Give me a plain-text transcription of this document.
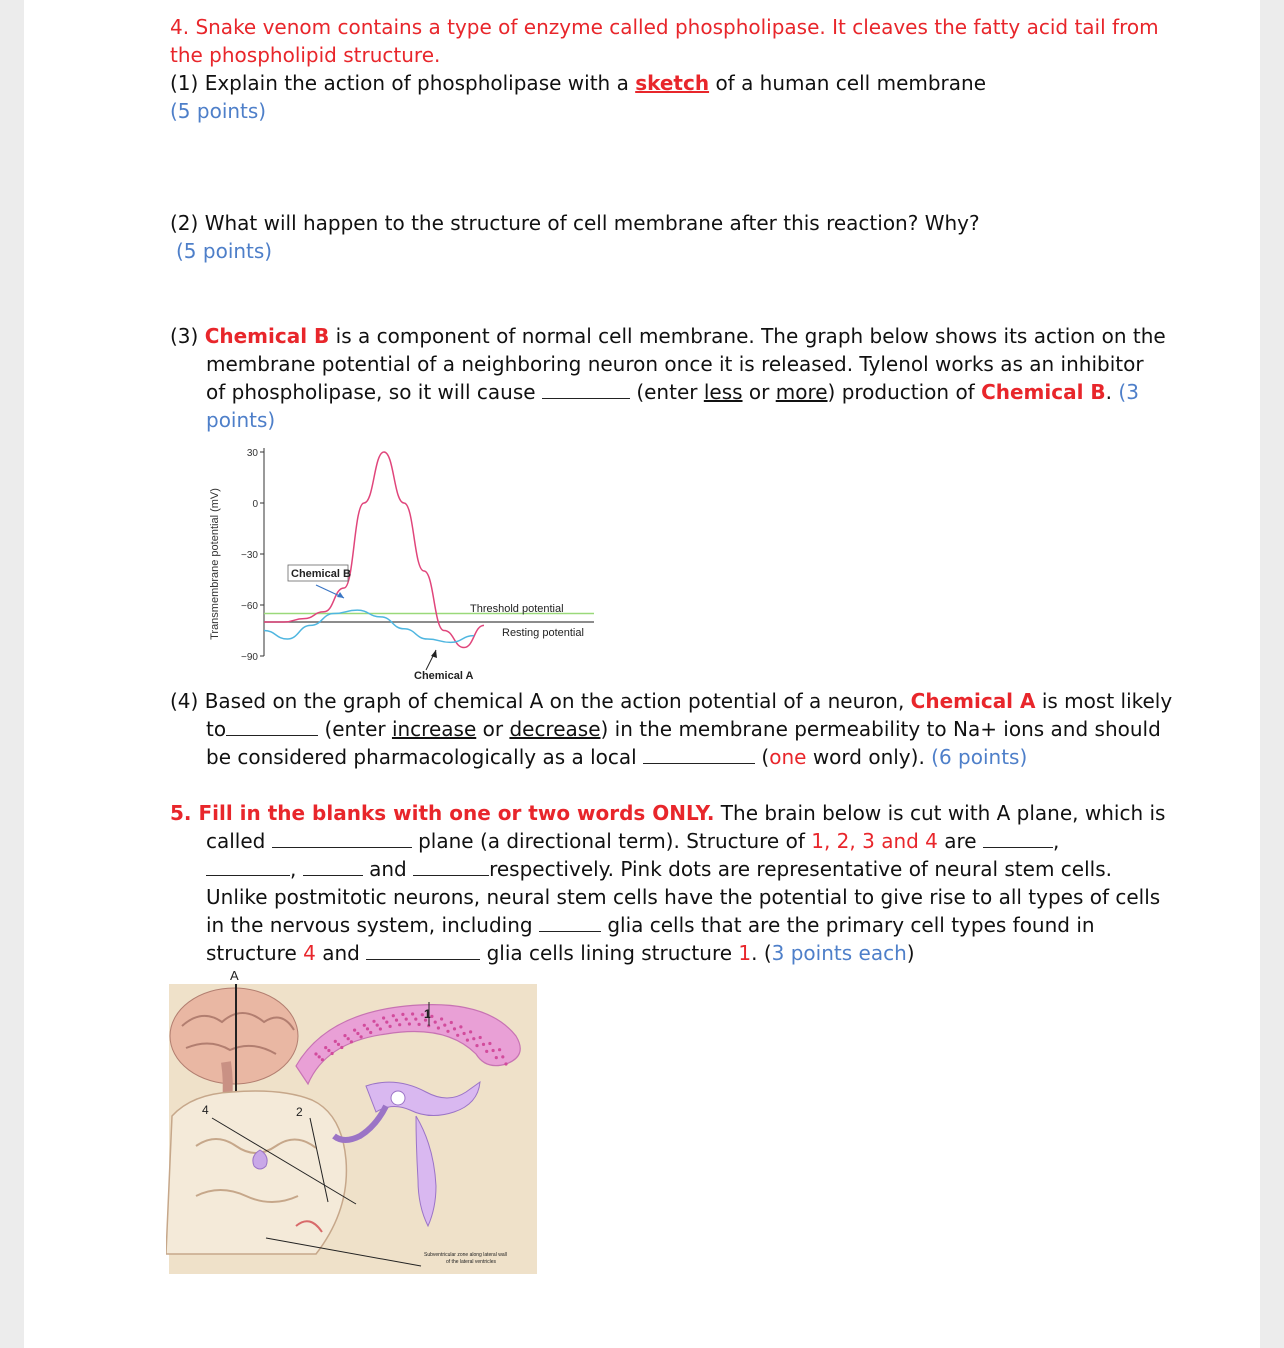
4. Snake venom contains a type of enzyme called phospholipase. It cleaves the fatty acid tail from
the phospholipid structure.
(1) Explain the action of phospholipase with a sketch of a human cell membrane
(5 points)
(2) What will happen to the structure of cell membrane after this reaction? Why?
(5 points)
(3) Chemical B is a component of normal cell membrane. The graph below shows its action on the
membrane potential of a neighboring neuron once it is released. Tylenol works as an inhibitor
of phospholipase, so it will cause	(enter less or more) production of Chemical B. (3
points)
Transmembrane potential (mV)
30
0
−30
−60
−90
Chemical B
Threshold potential
Resting potential
Chemical A
(4) Based on the graph of chemical A on the action potential of a neuron, Chemical A is most likely
to	(enter increase or decrease) in the membrane permeability to Na+ ions and should
be considered pharmacologically as a local	(one word only). (6 points)
5. Fill in the blanks with one or two words ONLY. The brain below is cut with A plane, which is
called	plane (a directional term). Structure of 1, 2, 3 and 4 are	,
,	and	respectively. Pink dots are representative of neural stem cells.
Unlike postmitotic neurons, neural stem cells have the potential to give rise to all types of cells
in the nervous system, including	glia cells that are the primary cell types found in
structure 4 and	glia cells lining structure 1. (3 points each)
A
1
2
4
Subventricular zone along lateral wall
of the lateral ventricles
